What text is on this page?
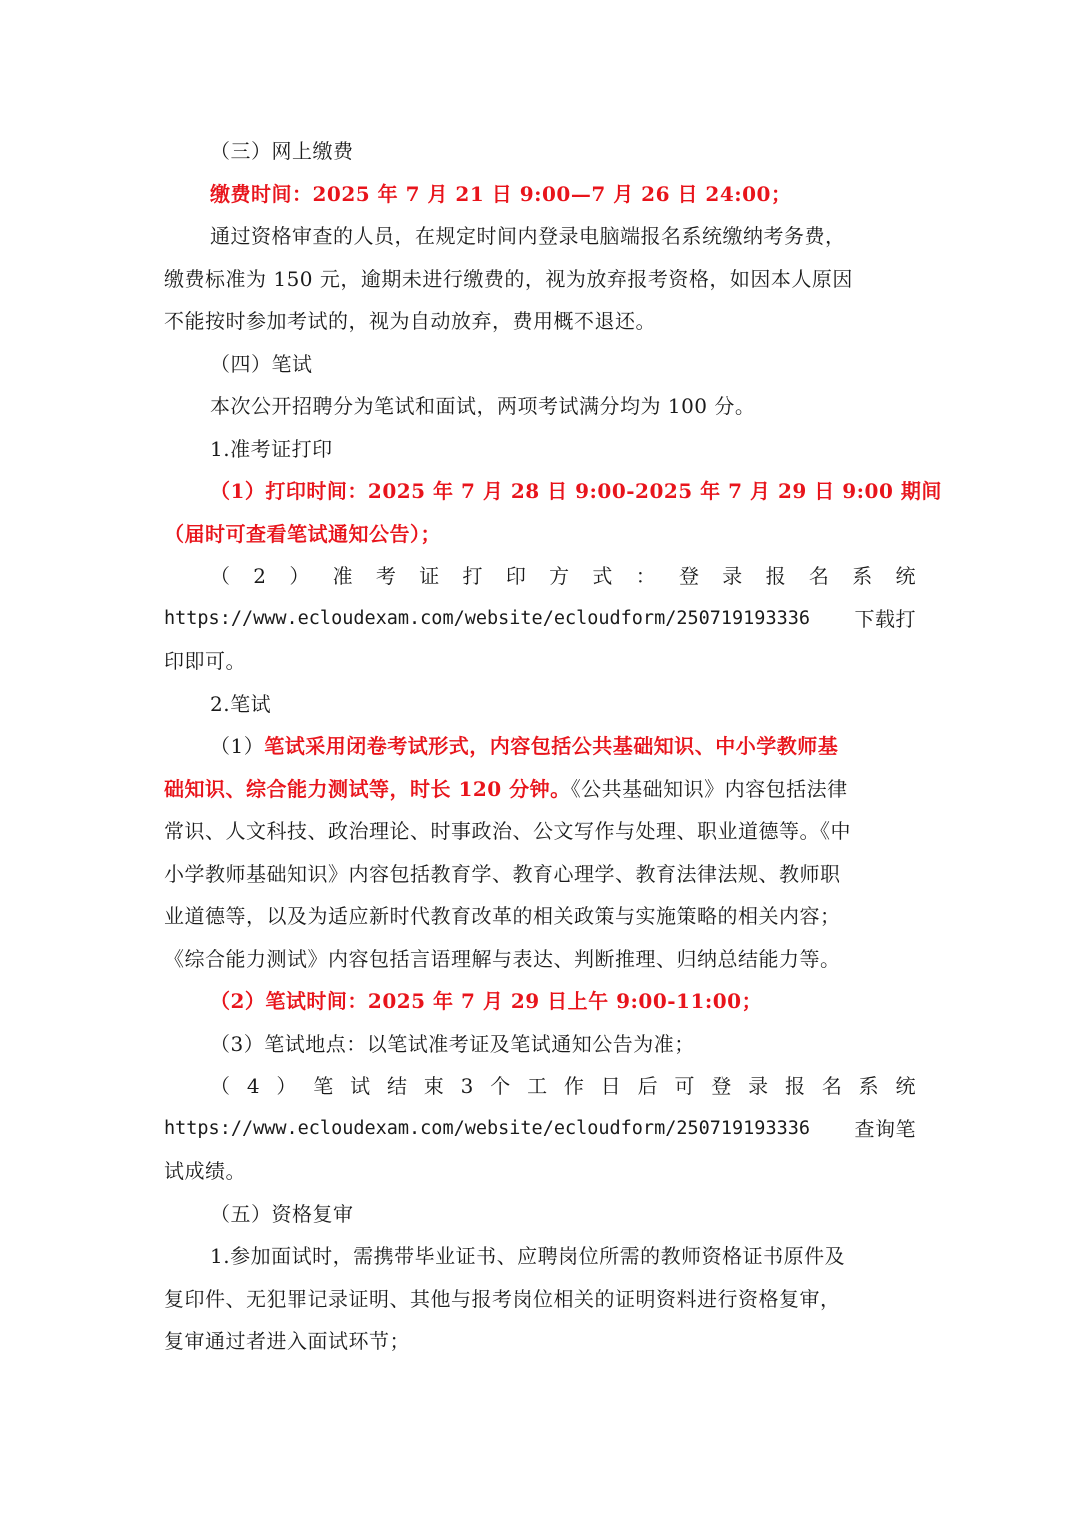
（三）网上缴费
缴费时间：2025 年 7 月 21 日 9:00—7 月 26 日 24:00；
通过资格审查的人员，在规定时间内登录电脑端报名系统缴纳考务费，
缴费标准为 150 元，逾期未进行缴费的，视为放弃报考资格，如因本人原因
不能按时参加考试的，视为自动放弃，费用概不退还。
（四）笔试
本次公开招聘分为笔试和面试，两项考试满分均为 100 分。
1.准考证打印
（1）打印时间：2025 年 7 月 28 日 9:00-2025 年 7 月 29 日 9:00 期间
（届时可查看笔试通知公告）；
（ 2 ） 准 考 证 打 印 方 式 ： 登 录 报 名 系 统
https://www.ecloudexam.com/website/ecloudform/250719193336 下载打
印即可。
2.笔试
（1）笔试采用闭卷考试形式，内容包括公共基础知识、中小学教师基
础知识、综合能力测试等，时长 120 分钟。《公共基础知识》内容包括法律
常识、人文科技、政治理论、时事政治、公文写作与处理、职业道德等。《中
小学教师基础知识》内容包括教育学、教育心理学、教育法律法规、教师职
业道德等，以及为适应新时代教育改革的相关政策与实施策略的相关内容；
《综合能力测试》内容包括言语理解与表达、判断推理、归纳总结能力等。
（2）笔试时间：2025 年 7 月 29 日上午 9:00-11:00；
（3）笔试地点：以笔试准考证及笔试通知公告为准；
（ 4 ） 笔 试 结 束 3 个 工 作 日 后 可 登 录 报 名 系 统
https://www.ecloudexam.com/website/ecloudform/250719193336 查询笔
试成绩。
（五）资格复审
1.参加面试时，需携带毕业证书、应聘岗位所需的教师资格证书原件及
复印件、无犯罪记录证明、其他与报考岗位相关的证明资料进行资格复审，
复审通过者进入面试环节；
